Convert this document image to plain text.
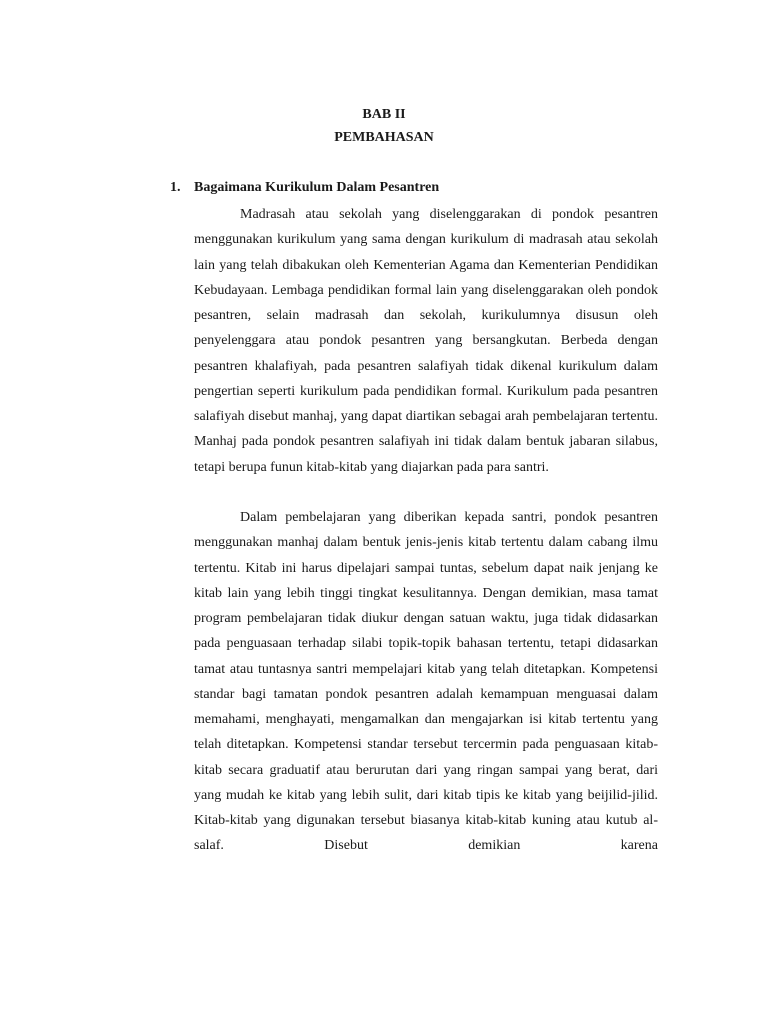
BAB II
PEMBAHASAN
1. Bagaimana Kurikulum Dalam Pesantren

Madrasah atau sekolah yang diselenggarakan di pondok pesantren menggunakan kurikulum yang sama dengan kurikulum di madrasah atau sekolah lain yang telah dibakukan oleh Kementerian Agama dan Kementerian Pendidikan Kebudayaan. Lembaga pendidikan formal lain yang diselenggarakan oleh pondok pesantren, selain madrasah dan sekolah, kurikulumnya disusun oleh penyelenggara atau pondok pesantren yang bersangkutan. Berbeda dengan pesantren khalafiyah, pada pesantren salafiyah tidak dikenal kurikulum dalam pengertian seperti kurikulum pada pendidikan formal. Kurikulum pada pesantren salafiyah disebut manhaj, yang dapat diartikan sebagai arah pembelajaran tertentu. Manhaj pada pondok pesantren salafiyah ini tidak dalam bentuk jabaran silabus, tetapi berupa funun kitab-kitab yang diajarkan pada para santri.

Dalam pembelajaran yang diberikan kepada santri, pondok pesantren menggunakan manhaj dalam bentuk jenis-jenis kitab tertentu dalam cabang ilmu tertentu. Kitab ini harus dipelajari sampai tuntas, sebelum dapat naik jenjang ke kitab lain yang lebih tinggi tingkat kesulitannya. Dengan demikian, masa tamat program pembelajaran tidak diukur dengan satuan waktu, juga tidak didasarkan pada penguasaan terhadap silabi topik-topik bahasan tertentu, tetapi didasarkan tamat atau tuntasnya santri mempelajari kitab yang telah ditetapkan. Kompetensi standar bagi tamatan pondok pesantren adalah kemampuan menguasai dalam memahami, menghayati, mengamalkan dan mengajarkan isi kitab tertentu yang telah ditetapkan. Kompetensi standar tersebut tercermin pada penguasaan kitab-kitab secara graduatif atau berurutan dari yang ringan sampai yang berat, dari yang mudah ke kitab yang lebih sulit, dari kitab tipis ke kitab yang beijilid-jilid. Kitab-kitab yang digunakan tersebut biasanya kitab-kitab kuning atau kutub al-salaf. Disebut demikian karena
